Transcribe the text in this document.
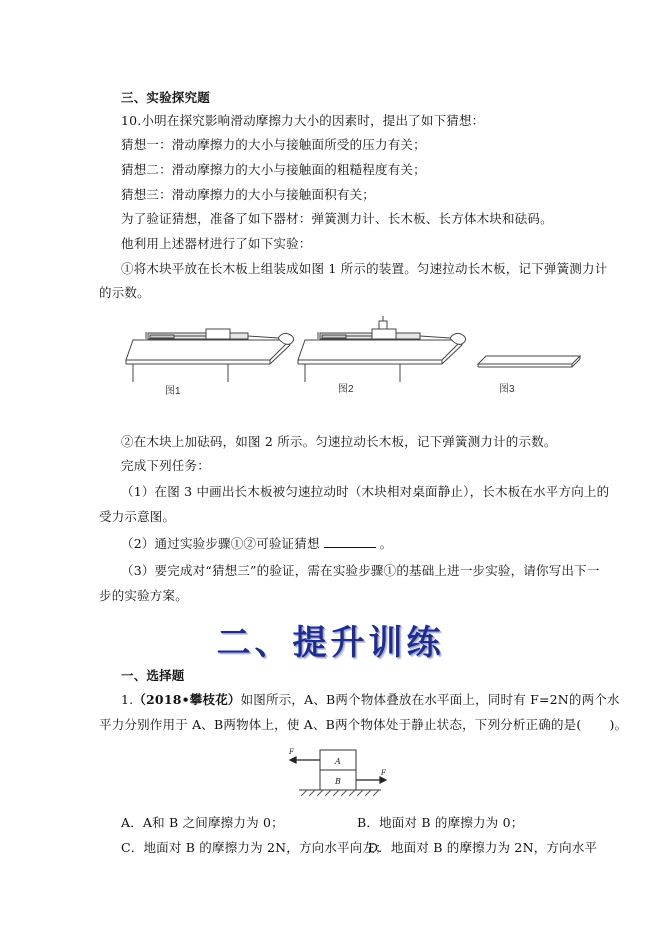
三、实验探究题
10.小明在探究影响滑动摩擦力大小的因素时，提出了如下猜想：
猜想一：滑动摩擦力的大小与接触面所受的压力有关；
猜想二：滑动摩擦力的大小与接触面的粗糙程度有关；
猜想三：滑动摩擦力的大小与接触面积有关；
为了验证猜想，准备了如下器材：弹簧测力计、长木板、长方体木块和砝码。
他利用上述器材进行了如下实验：
①将木块平放在长木板上组装成如图 1 所示的装置。匀速拉动长木板，记下弹簧测力计
的示数。
图1	图2	图3
②在木块上加砝码，如图 2 所示。匀速拉动长木板，记下弹簧测力计的示数。
完成下列任务：
（1）在图 3 中画出长木板被匀速拉动时（木块相对桌面静止），长木板在水平方向上的
受力示意图。
（2）通过实验步骤①②可验证猜想	。
（3）要完成对“猜想三”的验证，需在实验步骤①的基础上进一步实验，请你写出下一
步的实验方案。
二、提升训练
一、选择题
1.（2018•攀枝花）如图所示，A、B两个物体叠放在水平面上，同时有 F=2N的两个水
平力分别作用于 A、B两物体上，使 A、B两个物体处于静止状态，下列分析正确的是( )。
A
B
F
F
A．A和 B 之间摩擦力为 0；	B．地面对 B 的摩擦力为 0；
C．地面对 B 的摩擦力为 2N，方向水平向左；
D．地面对 B 的摩擦力为 2N，方向水平
